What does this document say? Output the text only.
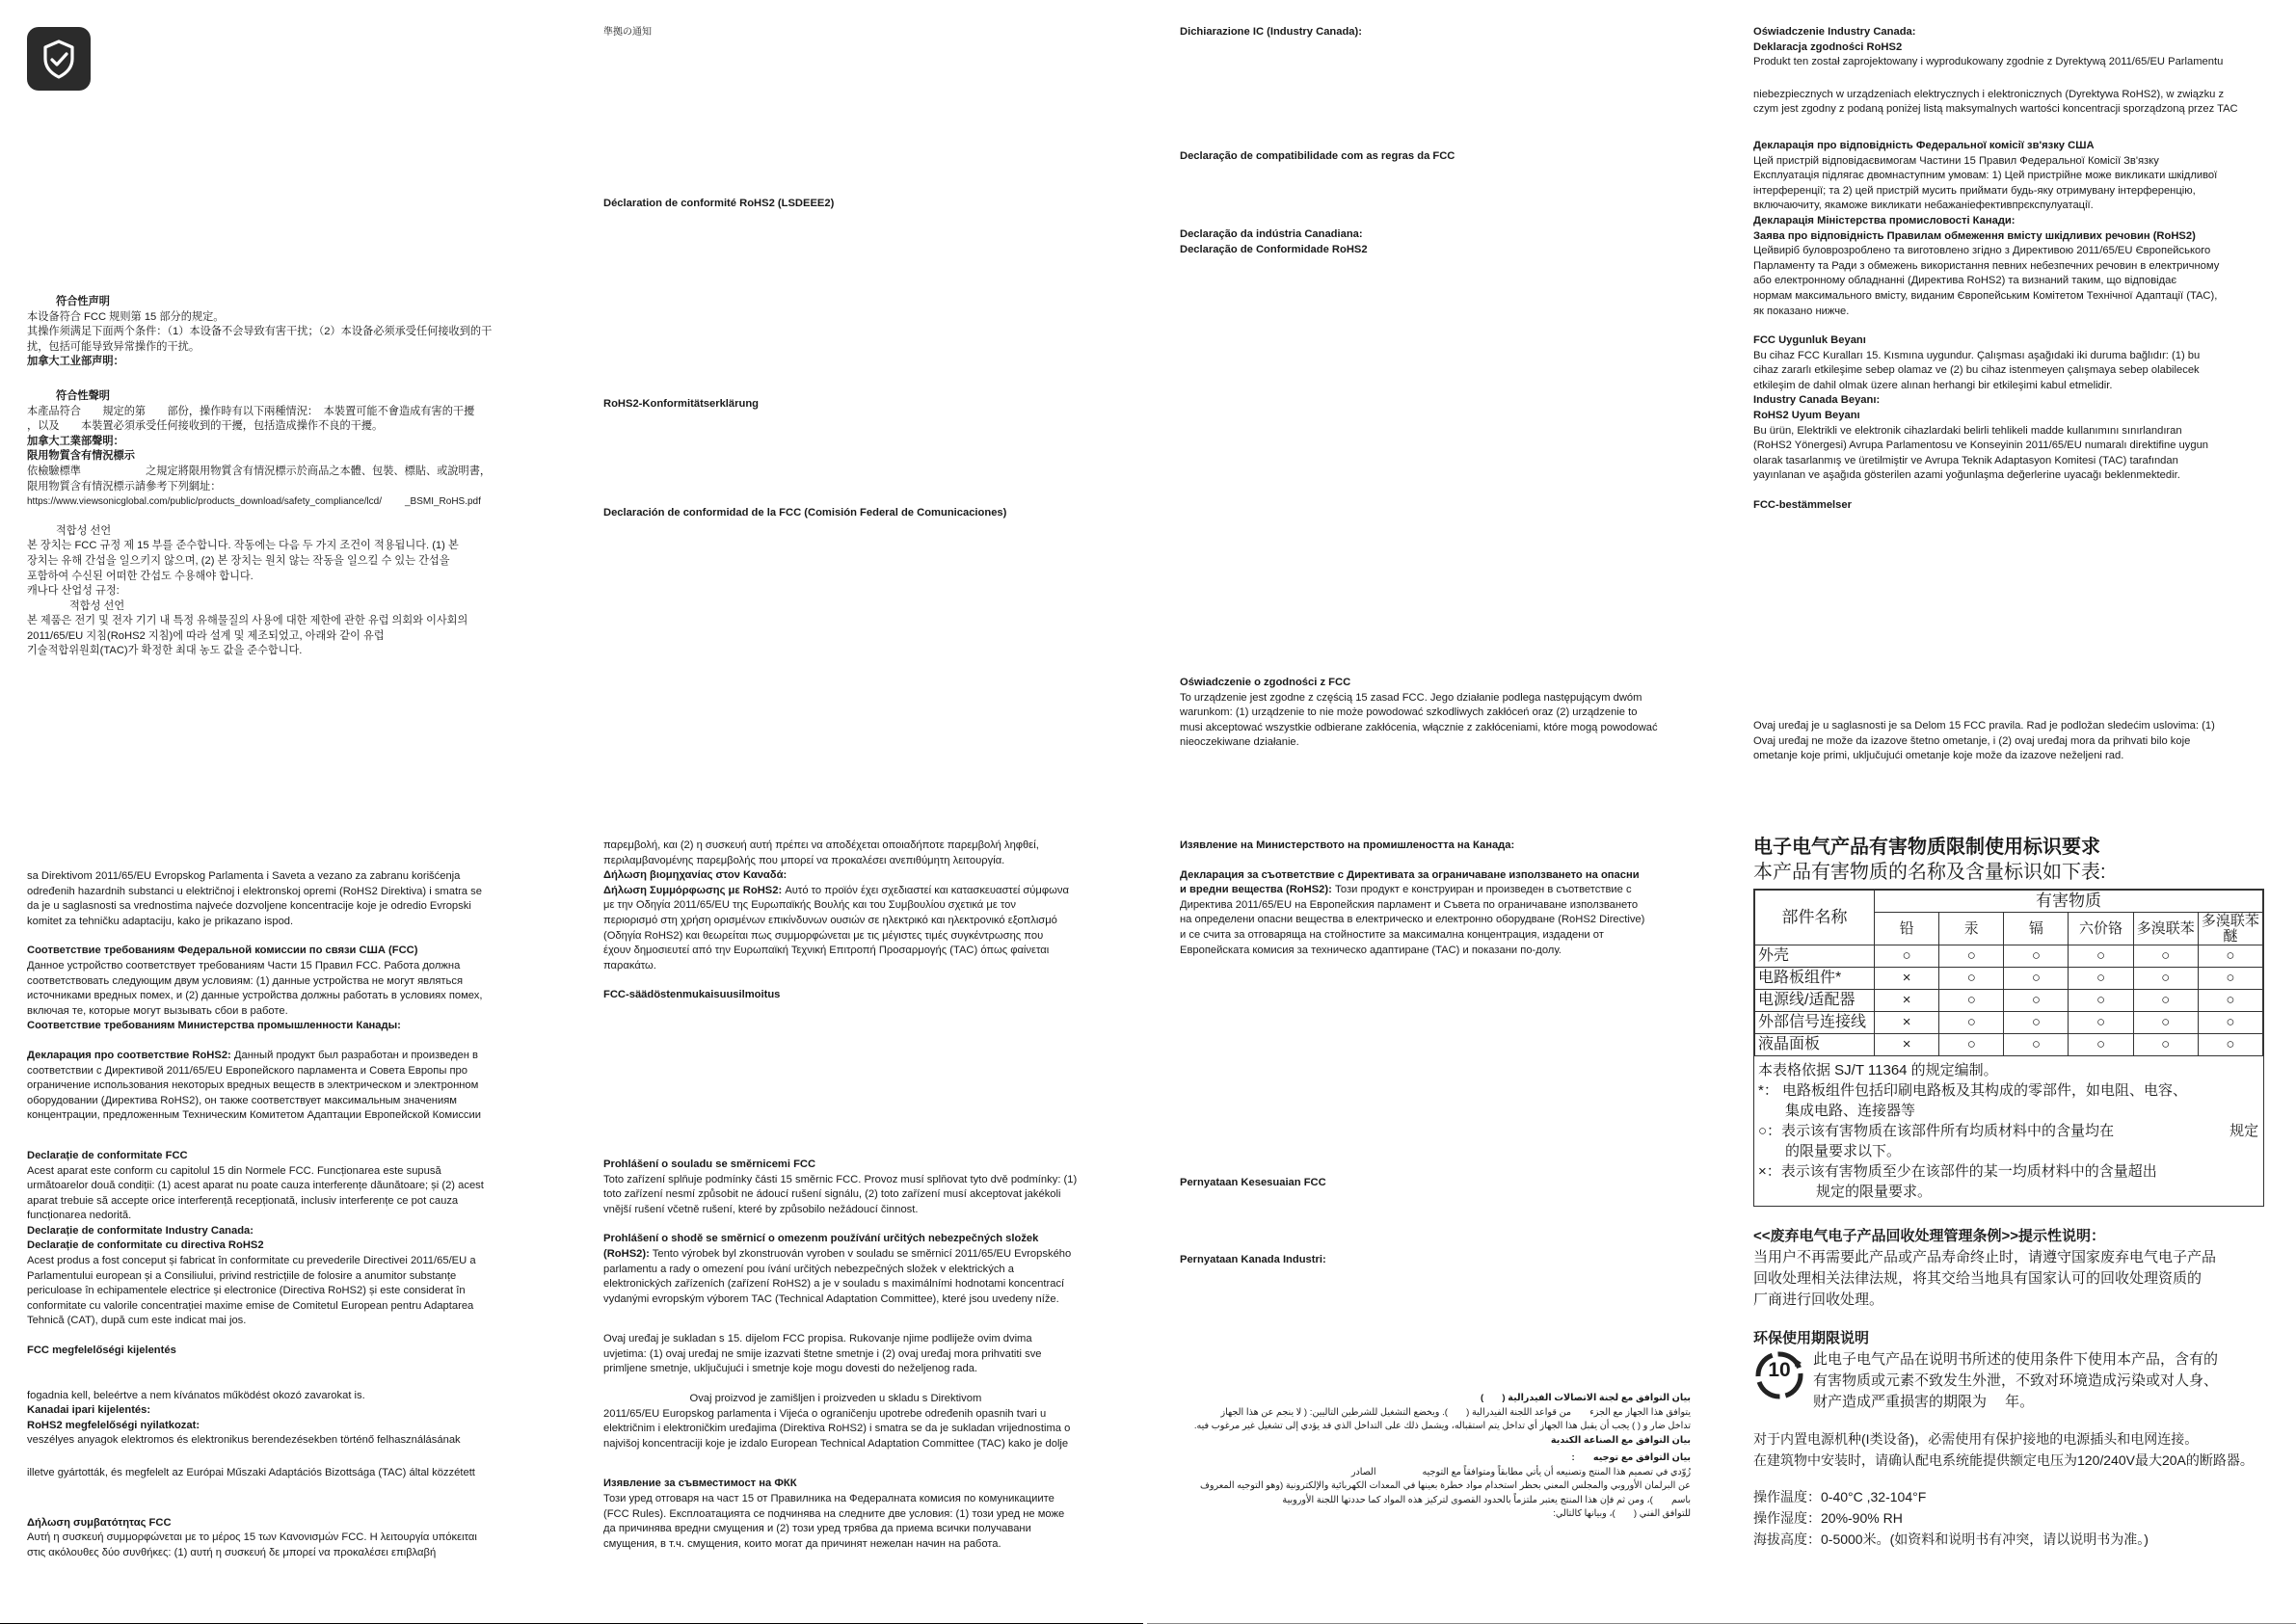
符合性声明

本设备符合 FCC 规则第 15 部分的规定。

其操作须满足下面两个条件：（1）本设备不会导致有害干扰；（2）本设备必须承受任何接收到的干

扰，包括可能导致异常操作的干扰。

加拿大工业部声明：

符合性聲明

本產品符合　　規定的第　　部份，操作時有以下兩種情況：　本裝置可能不會造成有害的干擾

，以及　　本裝置必須承受任何接收到的干擾，包括造成操作不良的干擾。

加拿大工業部聲明：

限用物質含有情況標示

依檢驗標準　　　　　　之規定將限用物質含有情況標示於商品之本體、包裝、標貼、或說明書，

限用物質含有情況標示請參考下列網址：

https://www.viewsonicglobal.com/public/products_download/safety_compliance/lcd/ _BSMI_RoHS.pdf

적합성 선언

본 장치는 FCC 규정 제 15 부를 준수합니다. 작동에는 다음 두 가지 조건이 적용됩니다. (1) 본

장치는 유해 간섭을 일으키지 않으며, (2) 본 장치는 원치 않는 작동을 일으킬 수 있는 간섭을

포함하여 수신된 어떠한 간섭도 수용해야 합니다.

캐나다 산업성 규정:

적합성 선언

본 제품은 전기 및 전자 기기 내 특정 유해물질의 사용에 대한 제한에 관한 유럽 의회와 이사회의

2011/65/EU 지침(RoHS2 지침)에 따라 설계 및 제조되었고, 아래와 같이 유럽

기술적합위원회(TAC)가 확정한 최대 농도 값을 준수합니다.

準拠の通知

Déclaration de conformité RoHS2 (LSDEEE2)
RoHS2-Konformitätserklärung
Declaración de conformidad de la FCC (Comisión Federal de Comunicaciones)
Dichiarazione IC (Industry Canada):
Declaração de compatibilidade com as regras da FCC

Declaração da indústria Canadiana:

Declaração de Conformidade RoHS2

Oświadczenie o zgodności z FCC

To urządzenie jest zgodne z częścią 15 zasad FCC. Jego działanie podlega następującym dwóm

warunkom: (1) urządzenie to nie może powodować szkodliwych zakłóceń oraz (2) urządzenie to

musi akceptować wszystkie odbierane zakłócenia, włącznie z zakłóceniami, które mogą powodować

nieoczekiwane działanie.

Oświadczenie Industry Canada:

Deklaracja zgodności RoHS2

Produkt ten został zaprojektowany i wyprodukowany zgodnie z Dyrektywą 2011/65/EU Parlamentu

niebezpiecznych w urządzeniach elektrycznych i elektronicznych (Dyrektywa RoHS2), w związku z

czym jest zgodny z podaną poniżej listą maksymalnych wartości koncentracji sporządzoną przez TAC

Декларація про відповідність Федеральної комісії зв'язку США

Цей пристрій відповідаєвимогам Частини 15 Правил Федеральної Комісії Зв'язку

Експлуатація підлягає двомнаступним умовам: 1) Цей пристрійне може викликати шкідливої

інтерференції; та 2) цей пристрій мусить приймати будь-яку отримувану інтерференцію,

включаючиту, якаможе викликати небажаніефективпрєкспулуатації.

Декларація Міністерства промисловості Канади:

Заява про відповідність Правилам обмеження вмісту шкідливих речовин (RoHS2)

Цейвиріб буловрозроблено та виготовлено згідно з Директивою 2011/65/EU Європейського

Парламенту та Ради з обмежень використання певних небезпечних речовин в електричному

або електронному обладнанні (Директива RoHS2) та визнаний таким, що відповідає

нормам максимального вмісту, виданим Європейським Комітетом Технічної Адаптації (TAC),

як показано нижче.

FCC Uygunluk Beyanı

Bu cihaz FCC Kuralları 15. Kısmına uygundur. Çalışması aşağıdaki iki duruma bağlıdır: (1) bu

cihaz zararlı etkileşime sebep olamaz ve (2) bu cihaz istenmeyen çalışmaya sebep olabilecek

etkileşim de dahil olmak üzere alınan herhangi bir etkileşimi kabul etmelidir.

Industry Canada Beyanı:

RoHS2 Uyum Beyanı

Bu ürün, Elektrikli ve elektronik cihazlardaki belirli tehlikeli madde kullanımını sınırlandıran

(RoHS2 Yönergesi) Avrupa Parlamentosu ve Konseyinin 2011/65/EU numaralı direktifine uygun

olarak tasarlanmış ve üretilmiştir ve Avrupa Teknik Adaptasyon Komitesi (TAC) tarafından

yayınlanan ve aşağıda gösterilen azami yoğunlaşma değerlerine uyacağı beklenmektedir.

FCC-bestämmelser

Ovaj uređaj je u saglasnosti je sa Delom 15 FCC pravila. Rad je podložan sledećim uslovima: (1)

Ovaj uređaj ne može da izazove štetno ometanje, i (2) ovaj uređaj mora da prihvati bilo koje

ometanje koje primi, uključujući ometanje koje može da izazove neželjeni rad.

sa Direktivom 2011/65/EU Evropskog Parlamenta i Saveta a vezano za zabranu korišćenja

određenih hazardnih substanci u električnoj i elektronskoj opremi (RoHS2 Direktiva) i smatra se

da je u saglasnosti sa vrednostima najveće dozvoljene koncentracije koje je odredio Evropski

komitet za tehničku adaptaciju, kako je prikazano ispod.

Соответствие требованиям Федеральной комиссии по связи США (FCC)

Данное устройство соответствует требованиям Части 15 Правил FCC. Работа должна

соответствовать следующим двум условиям: (1) данные устройства не могут являться

источниками вредных помех, и (2) данные устройства должны работать в условиях помех,

включая те, которые могут вызывать сбои в работе.

Соответствие требованиям Министерства промышленности Канады:

Декларация про соответствие RoHS2: Данный продукт был разработан и произведен в

соответствии с Директивой 2011/65/EU Европейского парламента и Совета Европы про

ограничение использования некоторых вредных веществ в электрическом и электронном

оборудовании (Директива RoHS2), он также соответствует максимальным значениям

концентрации, предложенным Техническим Комитетом Адаптации Европейской Комиссии

Declarație de conformitate FCC

Acest aparat este conform cu capitolul 15 din Normele FCC. Funcționarea este supusă

următoarelor două condiții: (1) acest aparat nu poate cauza interferențe dăunătoare; și (2) acest

aparat trebuie să accepte orice interferență recepționată, inclusiv interferențe ce pot cauza

funcționarea nedorită.

Declarație de conformitate Industry Canada:

Declarație de conformitate cu directiva RoHS2

Acest produs a fost conceput și fabricat în conformitate cu prevederile Directivei 2011/65/EU a

Parlamentului european și a Consiliului, privind restricțiile de folosire a anumitor substanțe

periculoase în echipamentele electrice și electronice (Directiva RoHS2) și este considerat în

conformitate cu valorile concentrației maxime emise de Comitetul European pentru Adaptarea

Tehnică (CAT), după cum este indicat mai jos.

FCC megfelelőségi kijelentés

fogadnia kell, beleértve a nem kívánatos működést okozó zavarokat is.

Kanadai ipari kijelentés:

RoHS2 megfelelőségi nyilatkozat:

veszélyes anyagok elektromos és elektronikus berendezésekben történő felhasználásának

illetve gyártották, és megfelelt az Európai Műszaki Adaptációs Bizottsága (TAC) által közzétett

Δήλωση συμβατότητας FCC

Αυτή η συσκευή συμμορφώνεται με το μέρος 15 των Κανονισμών FCC. Η λειτουργία υπόκειται

στις ακόλουθες δύο συνθήκες: (1) αυτή η συσκευή δε μπορεί να προκαλέσει επιβλαβή

παρεμβολή, και (2) η συσκευή αυτή πρέπει να αποδέχεται οποιαδήποτε παρεμβολή ληφθεί,

περιλαμβανομένης παρεμβολής που μπορεί να προκαλέσει ανεπιθύμητη λειτουργία.

Δήλωση βιομηχανίας στον Καναδά:

Δήλωση Συμμόρφωσης με RoHS2: Αυτό το προϊόν έχει σχεδιαστεί και κατασκευαστεί σύμφωνα

με την Οδηγία 2011/65/EU της Ευρωπαϊκής Βουλής και του Συμβουλίου σχετικά με τον

περιορισμό στη χρήση ορισμένων επικίνδυνων ουσιών σε ηλεκτρικό και ηλεκτρονικό εξοπλισμό

(Οδηγία RoHS2) και θεωρείται πως συμμορφώνεται με τις μέγιστες τιμές συγκέντρωσης που

έχουν δημοσιευτεί από την Ευρωπαϊκή Τεχνική Επιτροπή Προσαρμογής (TAC) όπως φαίνεται

παρακάτω.

FCC-säädöstenmukaisuusilmoitus

Prohlášení o souladu se směrnicemi FCC

Toto zařízení splňuje podmínky části 15 směrnic FCC. Provoz musí splňovat tyto dvě podmínky: (1)

toto zařízení nesmí způsobit ne ádoucí rušení signálu, (2) toto zařízení musí akceptovat jakékoli

vnější rušení včetně rušení, které by způsobilo nežádoucí činnost.

Prohlášení o shodě se směrnicí o omezenm používání určitých nebezpečných složek

(RoHS2): Tento výrobek byl zkonstruován vyroben v souladu se směrnicí 2011/65/EU Evropského

parlamentu a rady o omezení pou ívání určitých nebezpečných složek v elektrických a

elektronických zařízeních (zařízení RoHS2) a je v souladu s maximálními hodnotami koncentrací

vydanými evropským výborem TAC (Technical Adaptation Committee), které jsou uvedeny níže.

Ovaj uređaj je sukladan s 15. dijelom FCC propisa. Rukovanje njime podliježe ovim dvima

uvjetima: (1) ovaj uređaj ne smije izazvati štetne smetnje i (2) ovaj uređaj mora prihvatiti sve

primljene smetnje, uključujući i smetnje koje mogu dovesti do neželjenog rada.

　　　　　　　　Ovaj proizvod je zamišljen i proizveden u skladu s Direktivom

2011/65/EU Europskog parlamenta i Vijeća o ograničenju upotrebe određenih opasnih tvari u

električnim i elektroničkim uređajima (Direktiva RoHS2) i smatra se da je sukladan vrijednostima o

najvišoj koncentraciji koje je izdalo European Technical Adaptation Committee (TAC) kako je dolje

Изявление за съвместимост на ФКК

Този уред отговаря на част 15 от Правилника на Федералната комисия по комуникациите

(FCC Rules). Експлоатацията се подчинява на следните две условия: (1) този уред не може

да причинява вредни смущения и (2) този уред трябва да приема всички получавани

смущения, в т.ч. смущения, които могат да причинят нежелан начин на работа.

Изявление на Министерството на промишлеността на Канада:

Декларация за съответствие с Директивата за ограничаване използването на опасни

и вредни вещества (RoHS2): Този продукт е конструиран и произведен в съответствие с

Директива 2011/65/EU на Европейския парламент и Съвета по ограничаване използването

на определени опасни вещества в електрическо и електронно оборудване (RoHS2 Directive)

и се счита за отговаряща на стойностите за максимална концентрация, издадени от

Европейската комисия за техническо адаптиране (TAC) и показани по-долу.

Pernyataan Kesesuaian FCC
Pernyataan Kanada Industri:

بيان التوافق مع لجنة الاتصالات الفيدرالية (　　)

يتوافق هذا الجهاز مع الجزء　　من قواعد اللجنة الفيدرالية (　　). ويخضع التشغيل للشرطين التاليين: ( لا ينجم عن هذا الجهاز

تداخل ضار و ( ) يجب أن يقبل هذا الجهاز أي تداخل يتم استقباله، ويشمل ذلك على التداخل الذي قد يؤدي إلى تشغيل غير مرغوب فيه.

بيان التوافق مع الصناعة الكندية

بيان التوافق مع توجيه　　:

زُوّدي في تصميم هذا المنتج وتصنيعه أن يأتي مطابقاً ومتوافقاً مع التوجيه　　　　　الصادر

عن البرلمان الأوروبي والمجلس المعني بحظر استخدام مواد خطرة بعينها في المعدات الكهربائية والإلكترونية (وهو التوجيه المعروف

باسم　　)، ومن ثم فإن هذا المنتج يعتبر ملتزماً بالحدود القصوى لتركيز هذه المواد كما حددتها اللجنة الأوروبية

للتوافق الفني (　　)، وبيانها كالتالي:

电子电气产品有害物质限制使用标识要求

本产品有害物质的名称及含量标识如下表:

部件名称	有害物质					
	铅	汞	镉	六价铬	多溴联苯	多溴联苯醚
外壳	○	○	○	○	○	○
电路板组件*	×	○	○	○	○	○
电源线/适配器	×	○	○	○	○	○
外部信号连接线	×	○	○	○	○	○
液晶面板	×	○	○	○	○	○

本表格依据 SJ/T 11364 的规定编制。

*： 电路板组件包括印刷电路板及其构成的零部件，如电阻、电容、

集成电路、连接器等

○：表示该有害物质在该部件所有均质材料中的含量均在　　　　　　　　规定

的限量要求以下。

×：表示该有害物质至少在该部件的某一均质材料中的含量超出

规定的限量要求。

<<废弃电气电子产品回收处理管理条例>>提示性说明：

当用户不再需要此产品或产品寿命终止时，请遵守国家废弃电气电子产品

回收处理相关法律法规，将其交给当地具有国家认可的回收处理资质的

厂商进行回收处理。

环保使用期限说明

10	此电子电气产品在说明书所述的使用条件下使用本产品，含有的

有害物质或元素不致发生外泄，不致对环境造成污染或对人身、

财产造成严重损害的期限为　 年。

对于内置电源机种(I类设备)，必需使用有保护接地的电源插头和电网连接。

在建筑物中安装时，请确认配电系统能提供额定电压为120/240V最大20A的断路器。

操作温度：0-40°C ,32-104°F

操作湿度：20%-90% RH

海拔高度：0-5000米。(如资料和说明书有冲突，请以说明书为准。)
